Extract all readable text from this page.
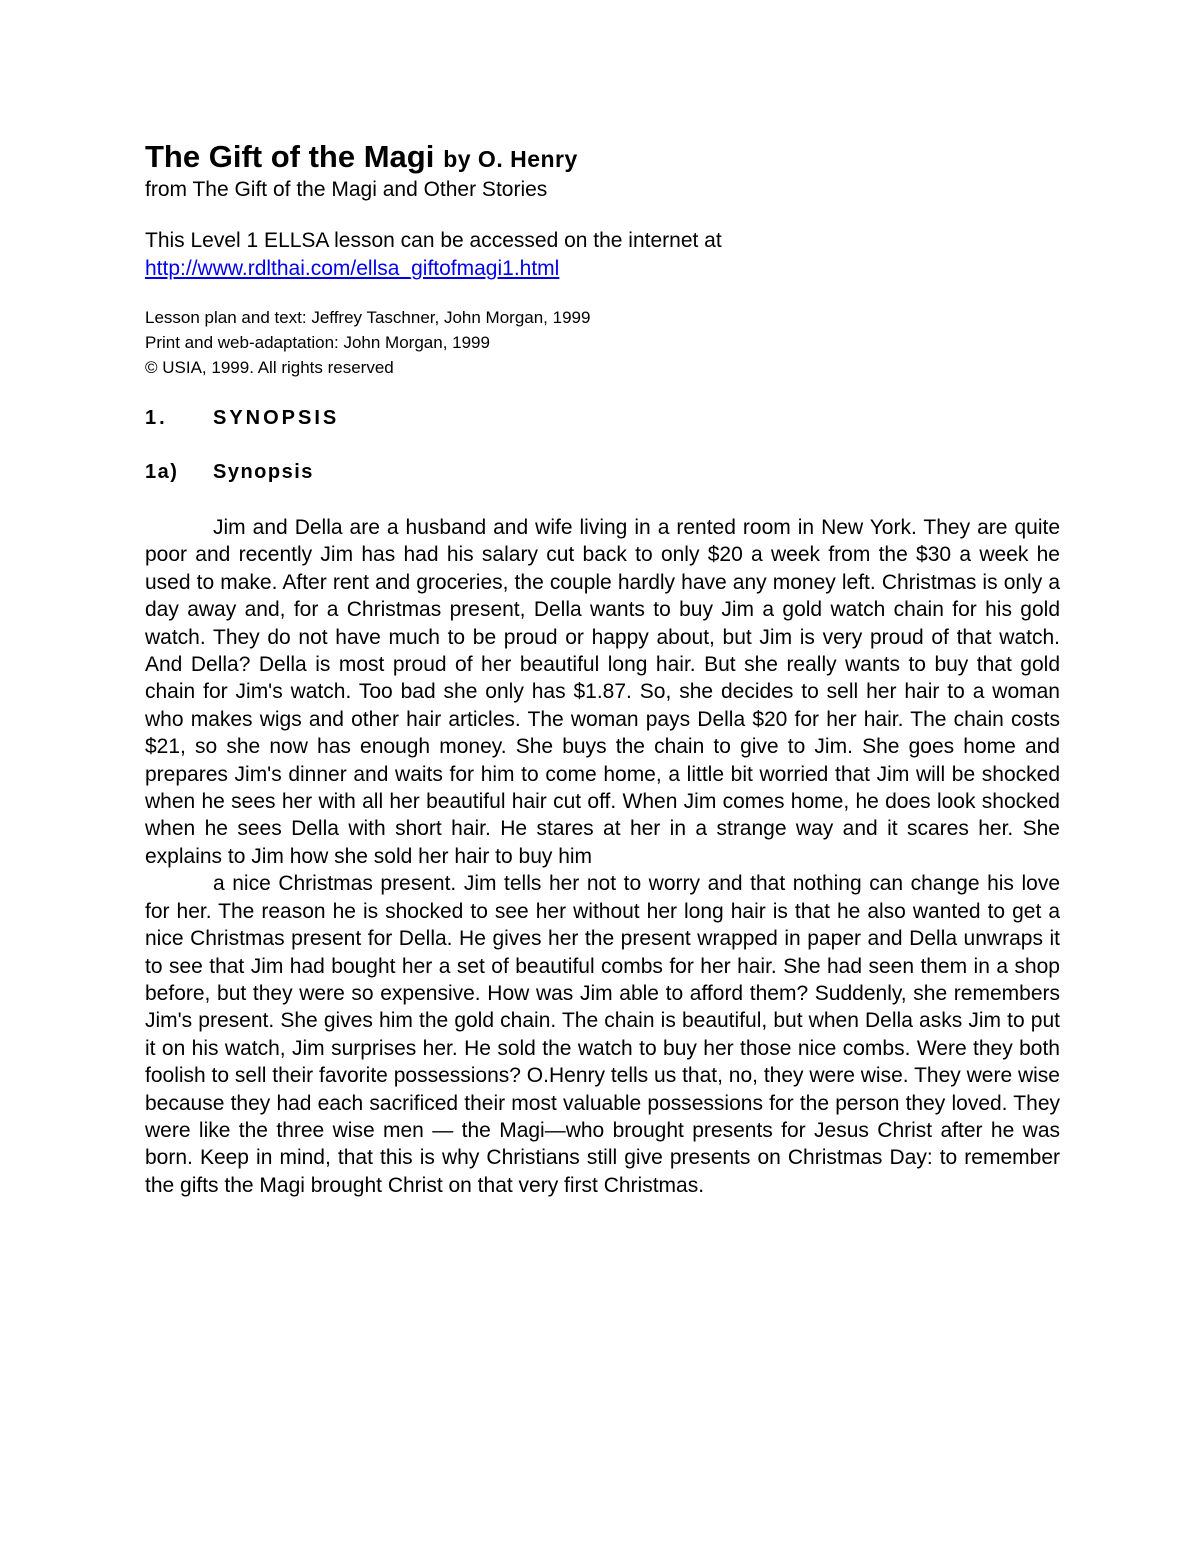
The Gift of the Magi by O. Henry
from The Gift of the Magi and Other Stories
This Level 1 ELLSA lesson can be accessed on the internet at
http://www.rdlthai.com/ellsa_giftofmagi1.html
Lesson plan and text: Jeffrey Taschner, John Morgan, 1999
Print and web-adaptation: John Morgan, 1999
© USIA, 1999. All rights reserved
1.	SYNOPSIS
1a)	Synopsis

Jim and Della are a husband and wife living in a rented room in New York. They are quite poor and recently Jim has had his salary cut back to only $20 a week from the $30 a week he used to make. After rent and groceries, the couple hardly have any money left. Christmas is only a day away and, for a Christmas present, Della wants to buy Jim a gold watch chain for his gold watch. They do not have much to be proud or happy about, but Jim is very proud of that watch. And Della? Della is most proud of her beautiful long hair. But she really wants to buy that gold chain for Jim's watch. Too bad she only has $1.87. So, she decides to sell her hair to a woman who makes wigs and other hair articles. The woman pays Della $20 for her hair. The chain costs $21, so she now has enough money. She buys the chain to give to Jim. She goes home and prepares Jim's dinner and waits for him to come home, a little bit worried that Jim will be shocked when he sees her with all her beautiful hair cut off. When Jim comes home, he does look shocked when he sees Della with short hair. He stares at her in a strange way and it scares her. She explains to Jim how she sold her hair to buy him

a nice Christmas present. Jim tells her not to worry and that nothing can change his love for her. The reason he is shocked to see her without her long hair is that he also wanted to get a nice Christmas present for Della. He gives her the present wrapped in paper and Della unwraps it to see that Jim had bought her a set of beautiful combs for her hair. She had seen them in a shop before, but they were so expensive. How was Jim able to afford them? Suddenly, she remembers Jim's present. She gives him the gold chain. The chain is beautiful, but when Della asks Jim to put it on his watch, Jim surprises her. He sold the watch to buy her those nice combs. Were they both foolish to sell their favorite possessions? O.Henry tells us that, no, they were wise. They were wise because they had each sacrificed their most valuable possessions for the person they loved. They were like the three wise men — the Magi—who brought presents for Jesus Christ after he was born. Keep in mind, that this is why Christians still give presents on Christmas Day: to remember the gifts the Magi brought Christ on that very first Christmas.
